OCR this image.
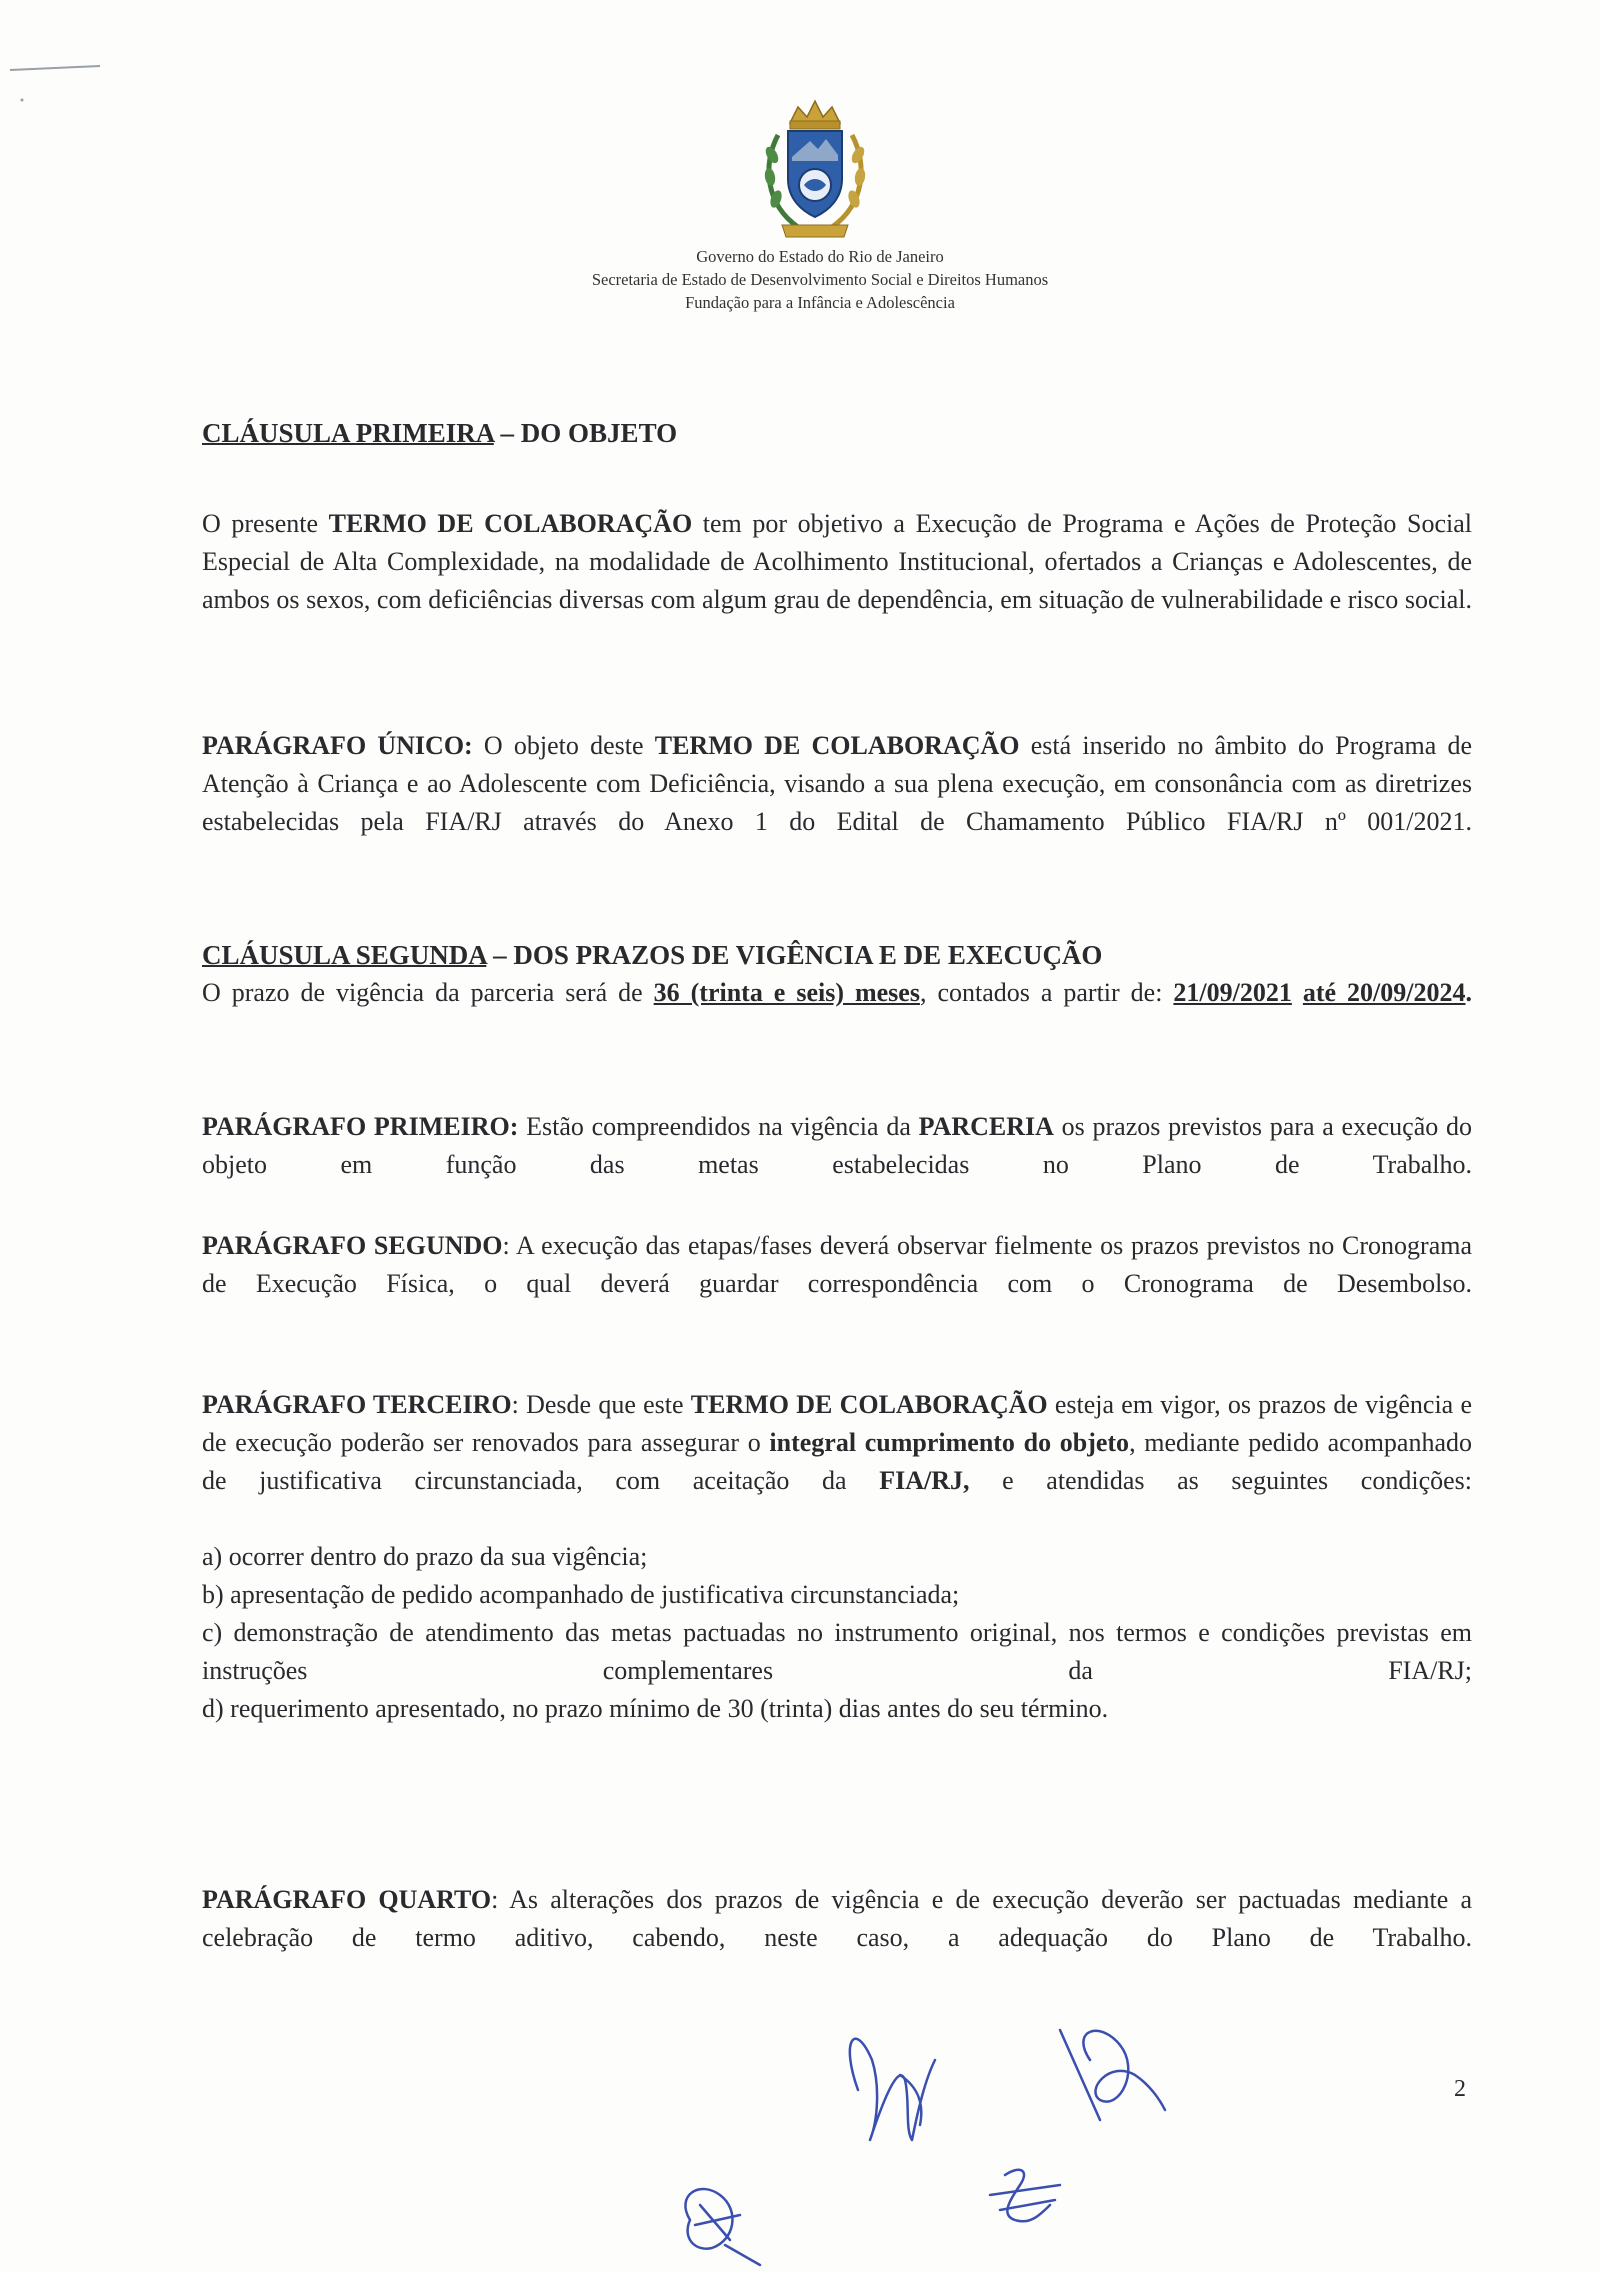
Governo do Estado do Rio de Janeiro
Secretaria de Estado de Desenvolvimento Social e Direitos Humanos
Fundação para a Infância e Adolescência
CLÁUSULA PRIMEIRA – DO OBJETO
O presente TERMO DE COLABORAÇÃO tem por objetivo a Execução de Programa e Ações de Proteção Social Especial de Alta Complexidade, na modalidade de Acolhimento Institucional, ofertados a Crianças e Adolescentes, de ambos os sexos, com deficiências diversas com algum grau de dependência, em situação de vulnerabilidade e risco social.
PARÁGRAFO ÚNICO: O objeto deste TERMO DE COLABORAÇÃO está inserido no âmbito do Programa de Atenção à Criança e ao Adolescente com Deficiência, visando a sua plena execução, em consonância com as diretrizes estabelecidas pela FIA/RJ através do Anexo 1 do Edital de Chamamento Público FIA/RJ nº 001/2021.
CLÁUSULA SEGUNDA – DOS PRAZOS DE VIGÊNCIA E DE EXECUÇÃO
O prazo de vigência da parceria será de 36 (trinta e seis) meses, contados a partir de: 21/09/2021 até 20/09/2024.
PARÁGRAFO PRIMEIRO: Estão compreendidos na vigência da PARCERIA os prazos previstos para a execução do objeto em função das metas estabelecidas no Plano de Trabalho.
PARÁGRAFO SEGUNDO: A execução das etapas/fases deverá observar fielmente os prazos previstos no Cronograma de Execução Física, o qual deverá guardar correspondência com o Cronograma de Desembolso.
PARÁGRAFO TERCEIRO: Desde que este TERMO DE COLABORAÇÃO esteja em vigor, os prazos de vigência e de execução poderão ser renovados para assegurar o integral cumprimento do objeto, mediante pedido acompanhado de justificativa circunstanciada, com aceitação da FIA/RJ, e atendidas as seguintes condições:
a) ocorrer dentro do prazo da sua vigência;
b) apresentação de pedido acompanhado de justificativa circunstanciada;
c) demonstração de atendimento das metas pactuadas no instrumento original, nos termos e condições previstas em instruções complementares da FIA/RJ;
d) requerimento apresentado, no prazo mínimo de 30 (trinta) dias antes do seu término.
PARÁGRAFO QUARTO: As alterações dos prazos de vigência e de execução deverão ser pactuadas mediante a celebração de termo aditivo, cabendo, neste caso, a adequação do Plano de Trabalho.
2
